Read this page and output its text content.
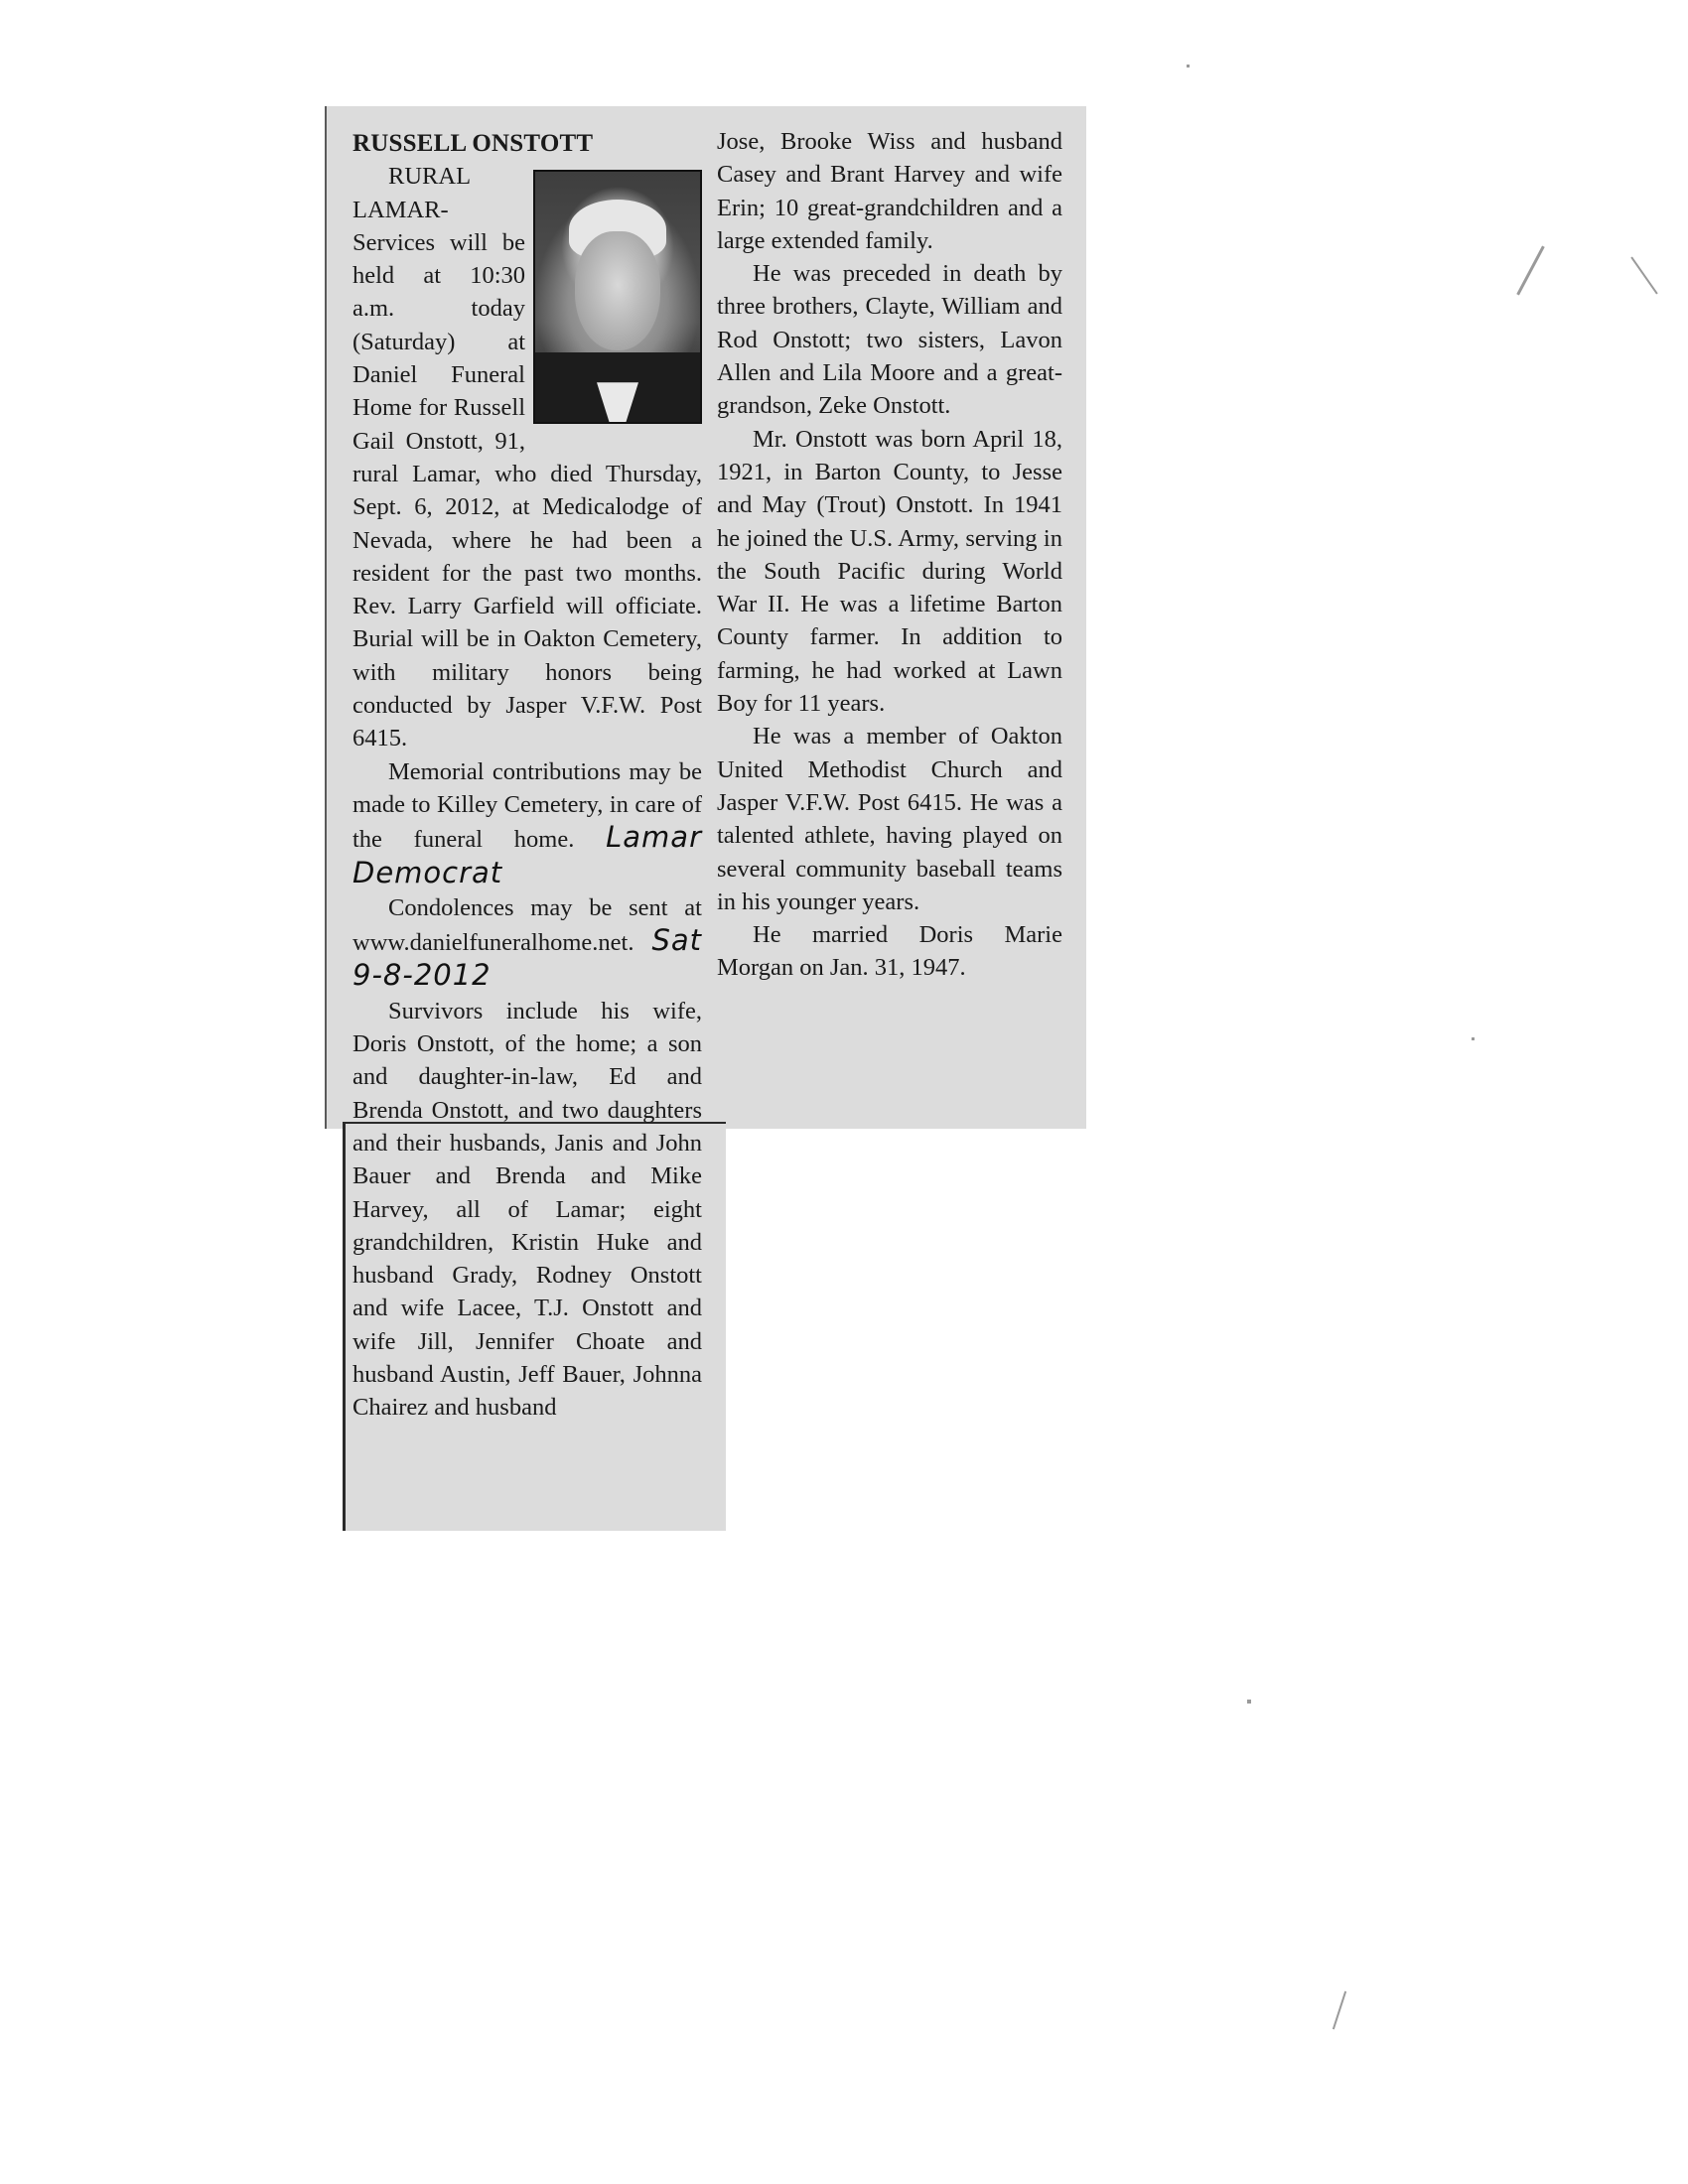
RUSSELL ONSTOTT

RURAL LAMAR-Services will be held at 10:30 a.m. today (Saturday) at Daniel Funeral Home for Russell Gail Onstott, 91, rural Lamar, who died Thursday, Sept. 6, 2012, at Medicalodge of Nevada, where he had been a resident for the past two months. Rev. Larry Garfield will officiate. Burial will be in Oakton Cemetery, with military honors being conducted by Jasper V.F.W. Post 6415.

Memorial contributions may be made to Killey Cemetery, in care of the funeral home. Lamar Democrat

Condolences may be sent at www.danielfuneralhome.net. Sat 9-8-2012

Survivors include his wife, Doris Onstott, of the home; a son and daughter-in-law, Ed and Brenda Onstott, and two daughters and their husbands, Janis and John Bauer and Brenda and Mike Harvey, all of Lamar; eight grandchildren, Kristin Huke and husband Grady, Rodney Onstott and wife Lacee, T.J. Onstott and wife Jill, Jennifer Choate and husband Austin, Jeff Bauer, Johnna Chairez and husband

Jose, Brooke Wiss and husband Casey and Brant Harvey and wife Erin; 10 great-grandchildren and a large extended family.

He was preceded in death by three brothers, Clayte, William and Rod Onstott; two sisters, Lavon Allen and Lila Moore and a great-grandson, Zeke Onstott.

Mr. Onstott was born April 18, 1921, in Barton County, to Jesse and May (Trout) Onstott. In 1941 he joined the U.S. Army, serving in the South Pacific during World War II. He was a lifetime Barton County farmer. In addition to farming, he had worked at Lawn Boy for 11 years.

He was a member of Oakton United Methodist Church and Jasper V.F.W. Post 6415. He was a talented athlete, having played on several community baseball teams in his younger years.

He married Doris Marie Morgan on Jan. 31, 1947.
